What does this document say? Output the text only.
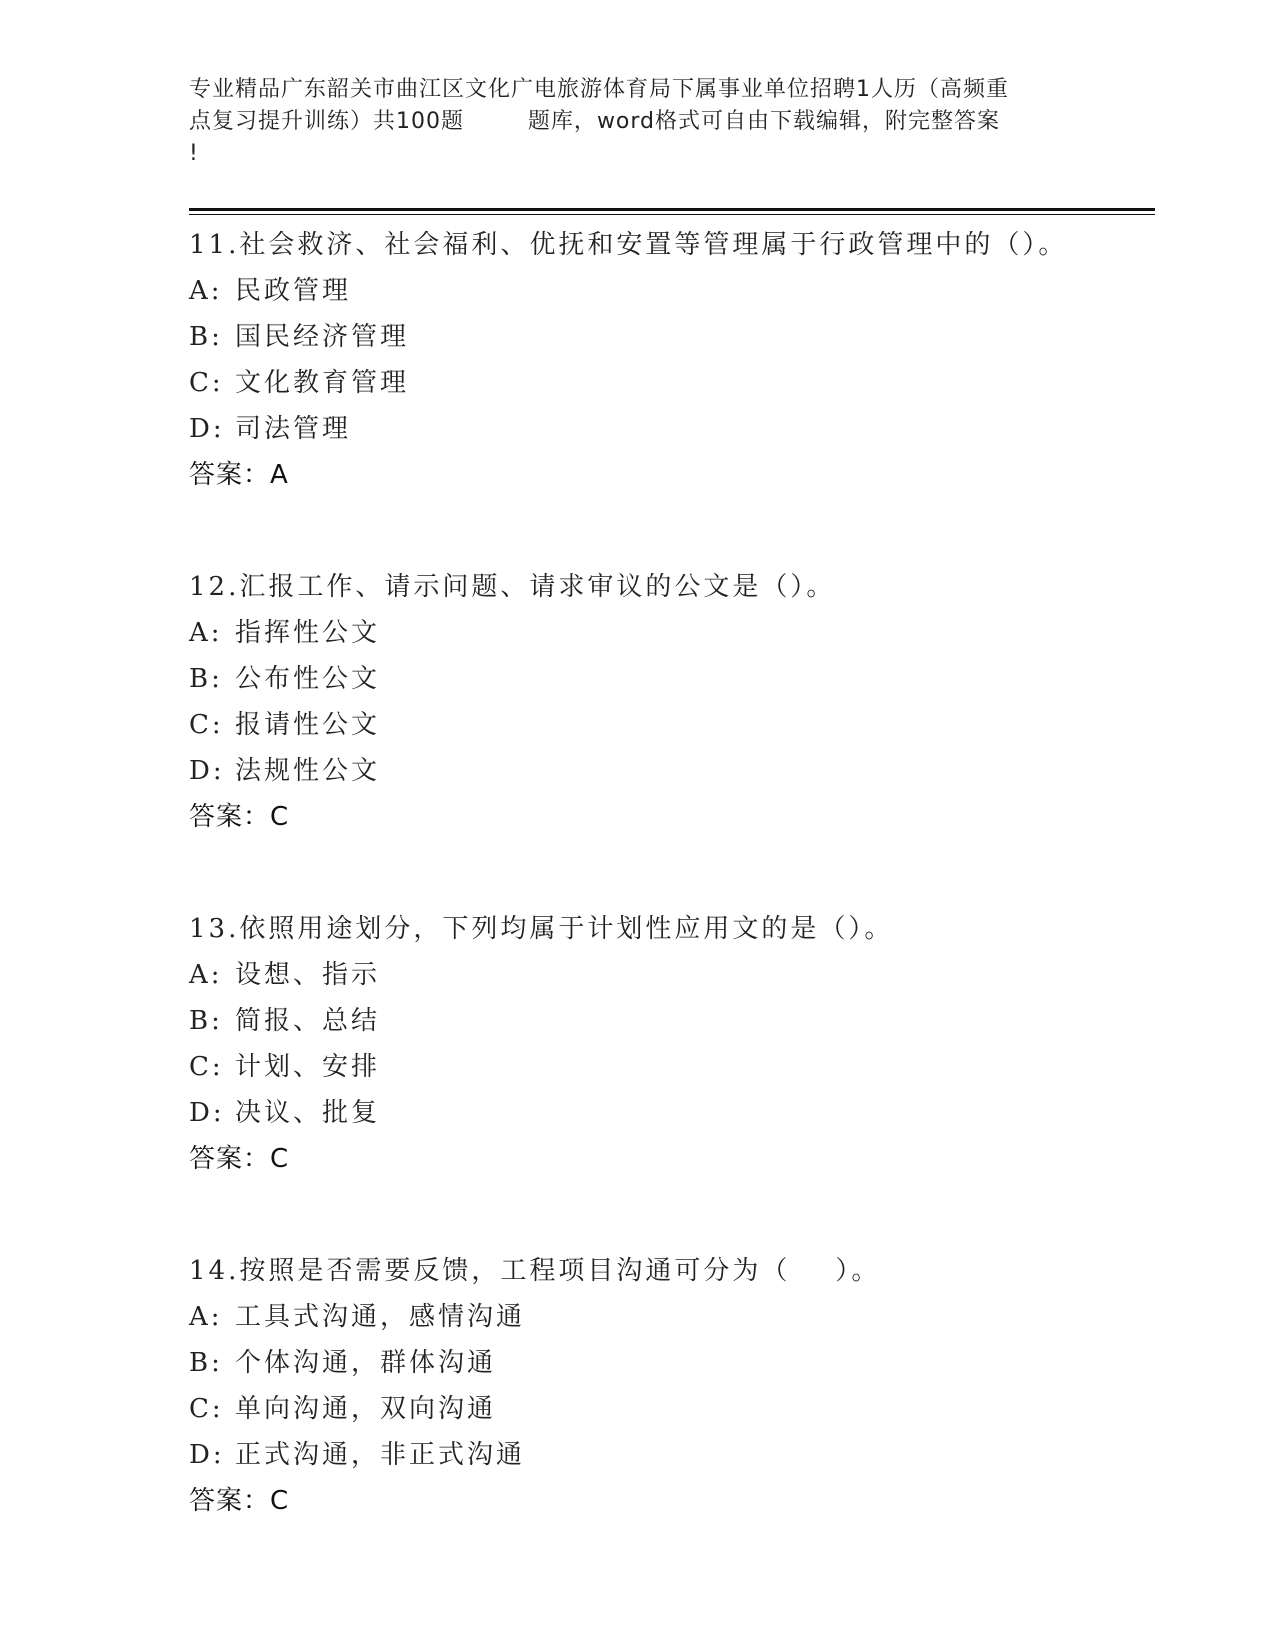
专业精品广东韶关市曲江区文化广电旅游体育局下属事业单位招聘1人历（高频重
点复习提升训练）共100题        题库，word格式可自由下载编辑，附完整答案
!
11.社会救济、社会福利、优抚和安置等管理属于行政管理中的（）。
A: 民政管理
B: 国民经济管理
C: 文化教育管理
D: 司法管理
答案：A
12.汇报工作、请示问题、请求审议的公文是（）。
A: 指挥性公文
B: 公布性公文
C: 报请性公文
D: 法规性公文
答案：C
13.依照用途划分，下列均属于计划性应用文的是（）。
A: 设想、指示
B: 简报、总结
C: 计划、安排
D: 决议、批复
答案：C
14.按照是否需要反馈，工程项目沟通可分为（    ）。
A: 工具式沟通，感情沟通
B: 个体沟通，群体沟通
C: 单向沟通，双向沟通
D: 正式沟通，非正式沟通
答案：C
